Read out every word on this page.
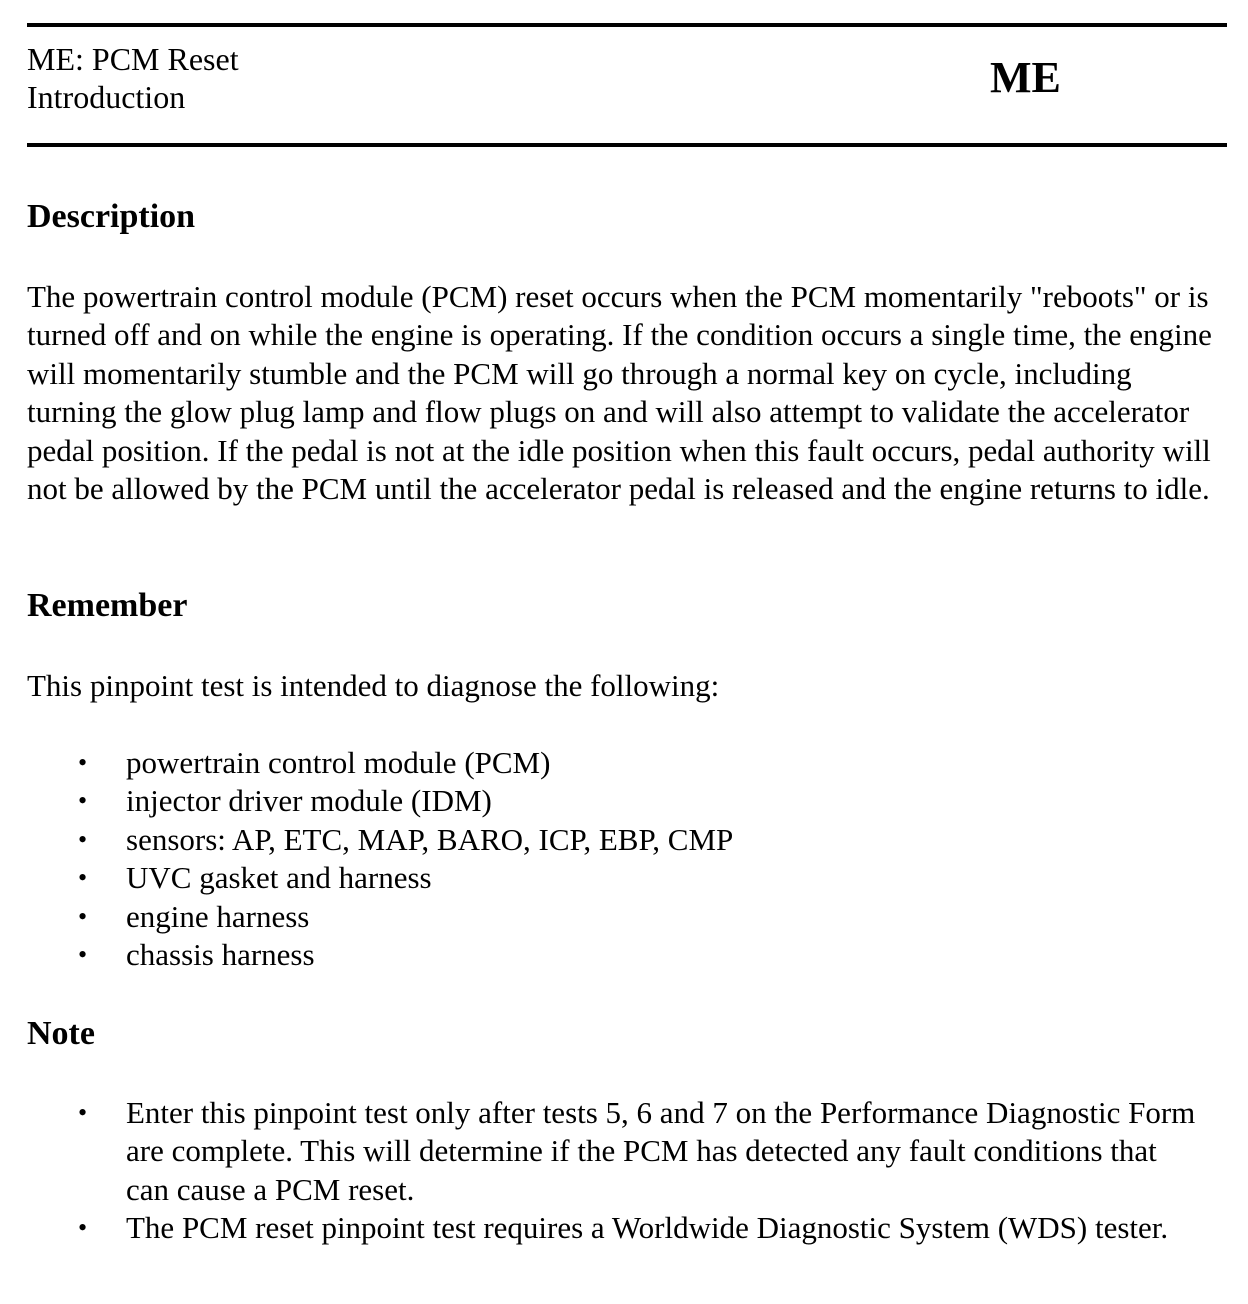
ME: PCM Reset
Introduction	ME
Description
The powertrain control module (PCM) reset occurs when the PCM momentarily "reboots" or is turned off and on while the engine is operating. If the condition occurs a single time, the engine will momentarily stumble and the PCM will go through a normal key on cycle, including turning the glow plug lamp and flow plugs on and will also attempt to validate the accelerator pedal position. If the pedal is not at the idle position when this fault occurs, pedal authority will not be allowed by the PCM until the accelerator pedal is released and the engine returns to idle.
Remember
This pinpoint test is intended to diagnose the following:
• powertrain control module (PCM)
• injector driver module (IDM)
• sensors: AP, ETC, MAP, BARO, ICP, EBP, CMP
• UVC gasket and harness
• engine harness
• chassis harness
Note
• Enter this pinpoint test only after tests 5, 6 and 7 on the Performance Diagnostic Form are complete. This will determine if the PCM has detected any fault conditions that can cause a PCM reset.
• The PCM reset pinpoint test requires a Worldwide Diagnostic System (WDS) tester.
